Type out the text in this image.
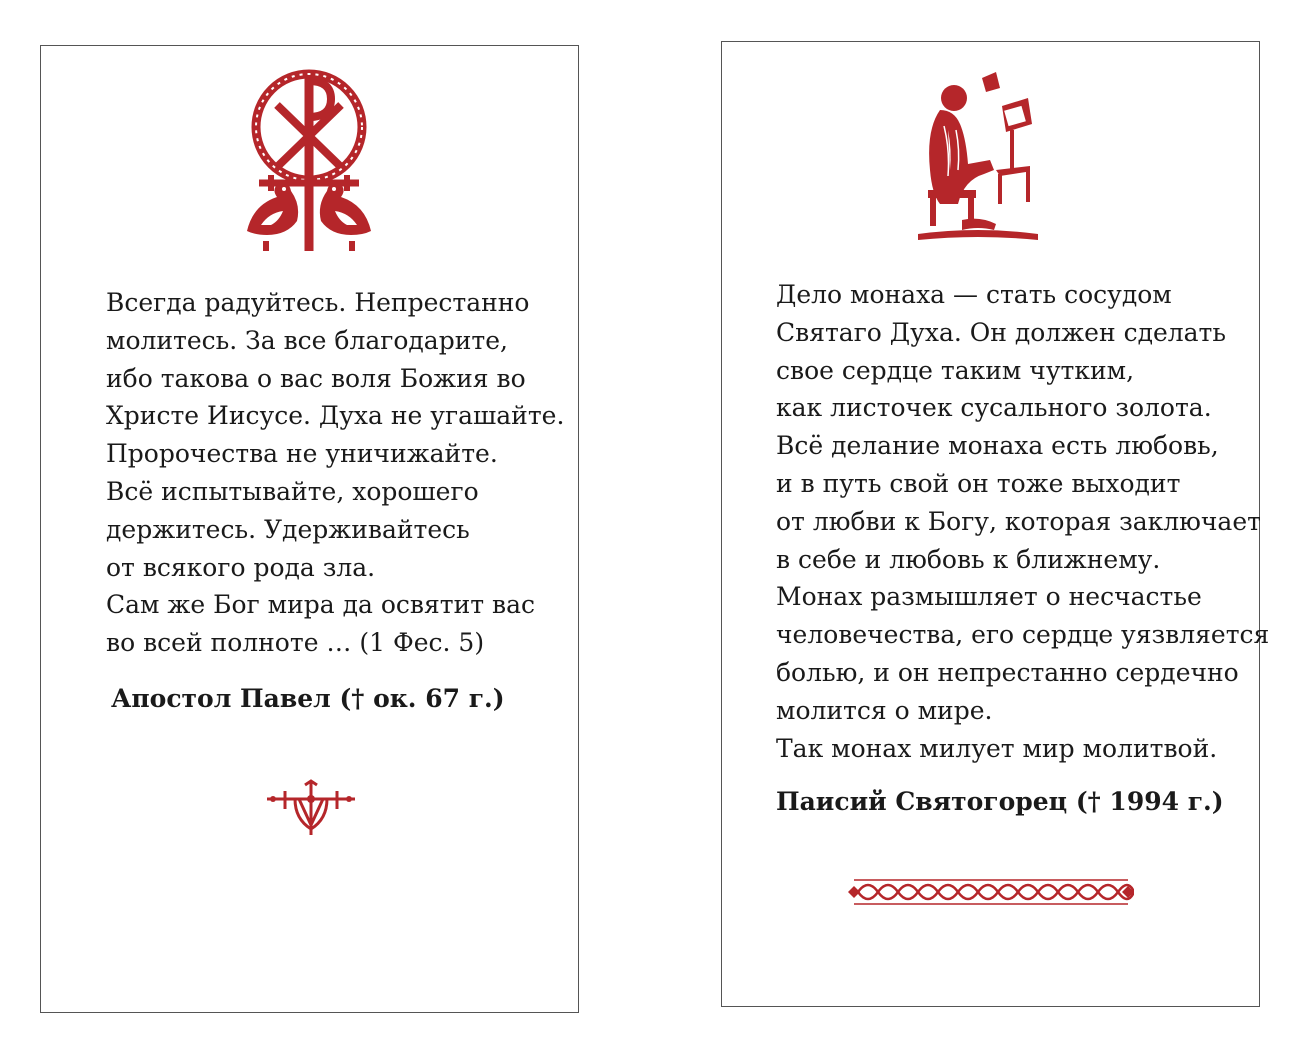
Всегда радуйтесь. Непрестанно
молитесь. За все благодарите,
ибо такова о вас воля Божия во
Христе Иисусе. Духа не угашайте.
Пророчества не уничижайте.
Всё испытывайте, хорошего
держитесь. Удерживайтесь
от всякого рода зла.
Сам же Бог мира да освятит вас
во всей полноте … (1 Фес. 5)
Апостол Павел († ок. 67 г.)
Дело монаха — стать сосудом
Святаго Духа. Он должен сделать
свое сердце таким чутким,
как листочек сусального золота.
Всё делание монаха есть любовь,
и в путь свой он тоже выходит
от любви к Богу, которая заключает
в себе и любовь к ближнему.
Монах размышляет о несчастье
человечества, его сердце уязвляется
болью, и он непрестанно сердечно
молится о мире.
Так монах милует мир молитвой.
Паисий Святогорец († 1994 г.)
